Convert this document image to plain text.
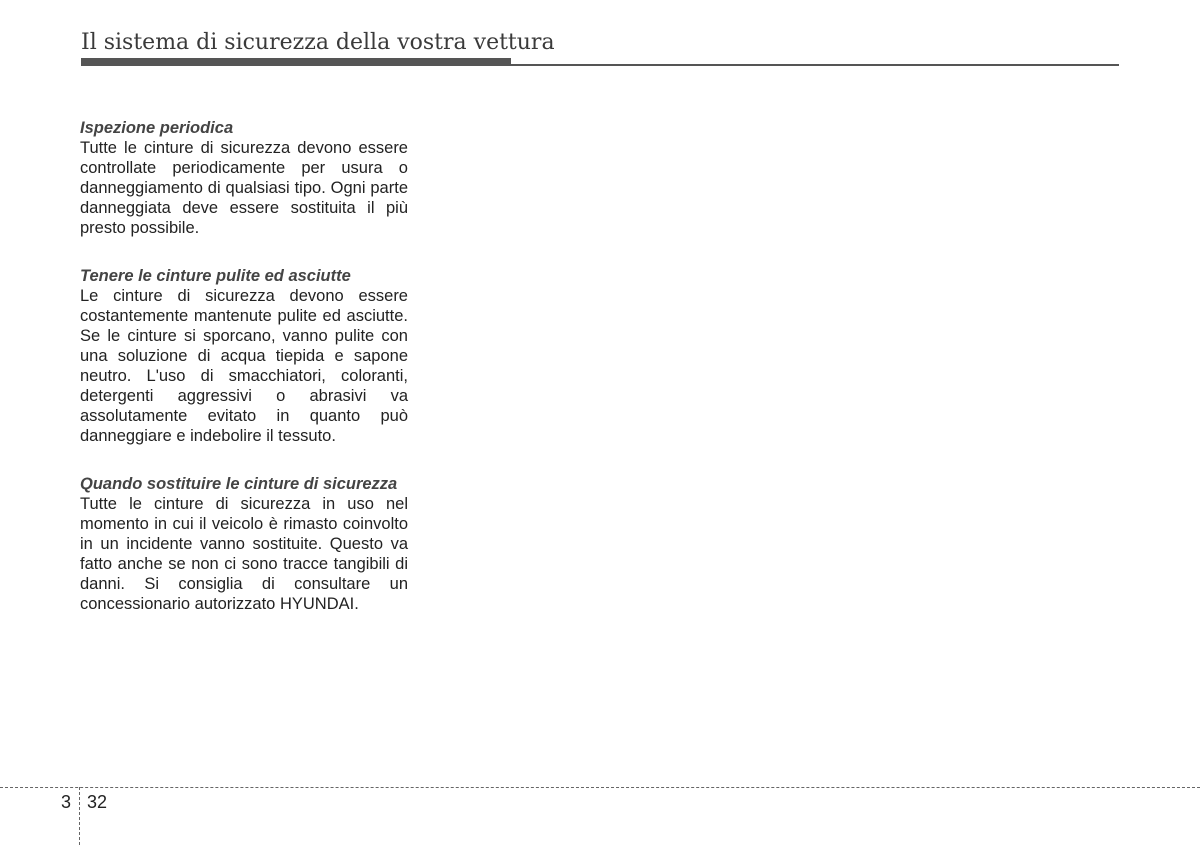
Il sistema di sicurezza della vostra vettura

Ispezione periodica

Tutte le cinture di sicurezza devono essere controllate periodicamente per usura o danneggiamento di qualsiasi tipo. Ogni parte danneggiata deve essere sostituita il più presto possibile.

Tenere le cinture pulite ed asciutte

Le cinture di sicurezza devono essere costantemente mantenute pulite ed asciutte. Se le cinture si sporcano, vanno pulite con una soluzione di acqua tiepida e sapone neutro. L'uso di smacchiatori, coloranti, detergenti aggressivi o abrasivi va assolutamente evitato in quanto può danneggiare e indebolire il tessuto.

Quando sostituire le cinture di sicurezza

Tutte le cinture di sicurezza in uso nel momento in cui il veicolo è rimasto coinvolto in un incidente vanno sostituite. Questo va fatto anche se non ci sono tracce tangibili di danni. Si consiglia di consultare un concessionario autorizzato HYUNDAI.

3 32
